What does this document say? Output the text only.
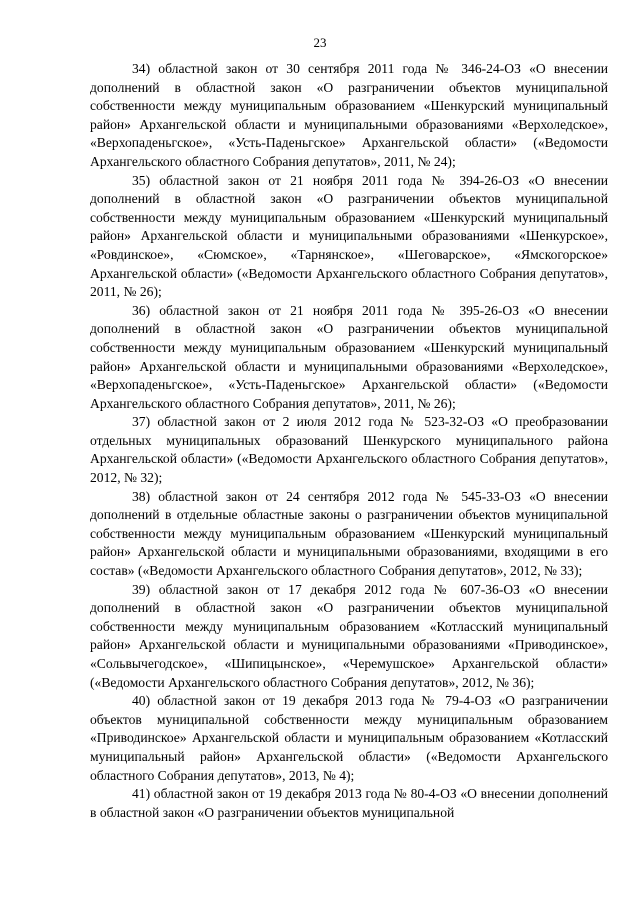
23

34) областной закон от 30 сентября 2011 года № 346-24-ОЗ «О внесении дополнений в областной закон «О разграничении объектов муниципальной собственности между муниципальным образованием «Шенкурский муниципальный район» Архангельской области и муниципальными образованиями «Верхоледское», «Верхопаденьгское», «Усть-Паденьгское» Архангельской области» («Ведомости Архангельского областного Собрания депутатов», 2011, № 24);

35) областной закон от 21 ноября 2011 года № 394-26-ОЗ «О внесении дополнений в областной закон «О разграничении объектов муниципальной собственности между муниципальным образованием «Шенкурский муниципальный район» Архангельской области и муниципальными образованиями «Шенкурское», «Ровдинское», «Сюмское», «Тарнянское», «Шеговарское», «Ямскогорское» Архангельской области» («Ведомости Архангельского областного Собрания депутатов», 2011, № 26);

36) областной закон от 21 ноября 2011 года № 395-26-ОЗ «О внесении дополнений в областной закон «О разграничении объектов муниципальной собственности между муниципальным образованием «Шенкурский муниципальный район» Архангельской области и муниципальными образованиями «Верхоледское», «Верхопаденьгское», «Усть-Паденьгское» Архангельской области» («Ведомости Архангельского областного Собрания депутатов», 2011, № 26);

37) областной закон от 2 июля 2012 года № 523-32-ОЗ «О преобразовании отдельных муниципальных образований Шенкурского муниципального района Архангельской области» («Ведомости Архангельского областного Собрания депутатов», 2012, № 32);

38) областной закон от 24 сентября 2012 года № 545-33-ОЗ «О внесении дополнений в отдельные областные законы о разграничении объектов муниципальной собственности между муниципальным образованием «Шенкурский муниципальный район» Архангельской области и муниципальными образованиями, входящими в его состав» («Ведомости Архангельского областного Собрания депутатов», 2012, № 33);

39) областной закон от 17 декабря 2012 года № 607-36-ОЗ «О внесении дополнений в областной закон «О разграничении объектов муниципальной собственности между муниципальным образованием «Котласский муниципальный район» Архангельской области и муниципальными образованиями «Приводинское», «Сольвычегодское», «Шипицынское», «Черемушское» Архангельской области» («Ведомости Архангельского областного Собрания депутатов», 2012, № 36);

40) областной закон от 19 декабря 2013 года № 79-4-ОЗ «О разграничении объектов муниципальной собственности между муниципальным образованием «Приводинское» Архангельской области и муниципальным образованием «Котласский муниципальный район» Архангельской области» («Ведомости Архангельского областного Собрания депутатов», 2013, № 4);

41) областной закон от 19 декабря 2013 года № 80-4-ОЗ «О внесении дополнений в областной закон «О разграничении объектов муниципальной
